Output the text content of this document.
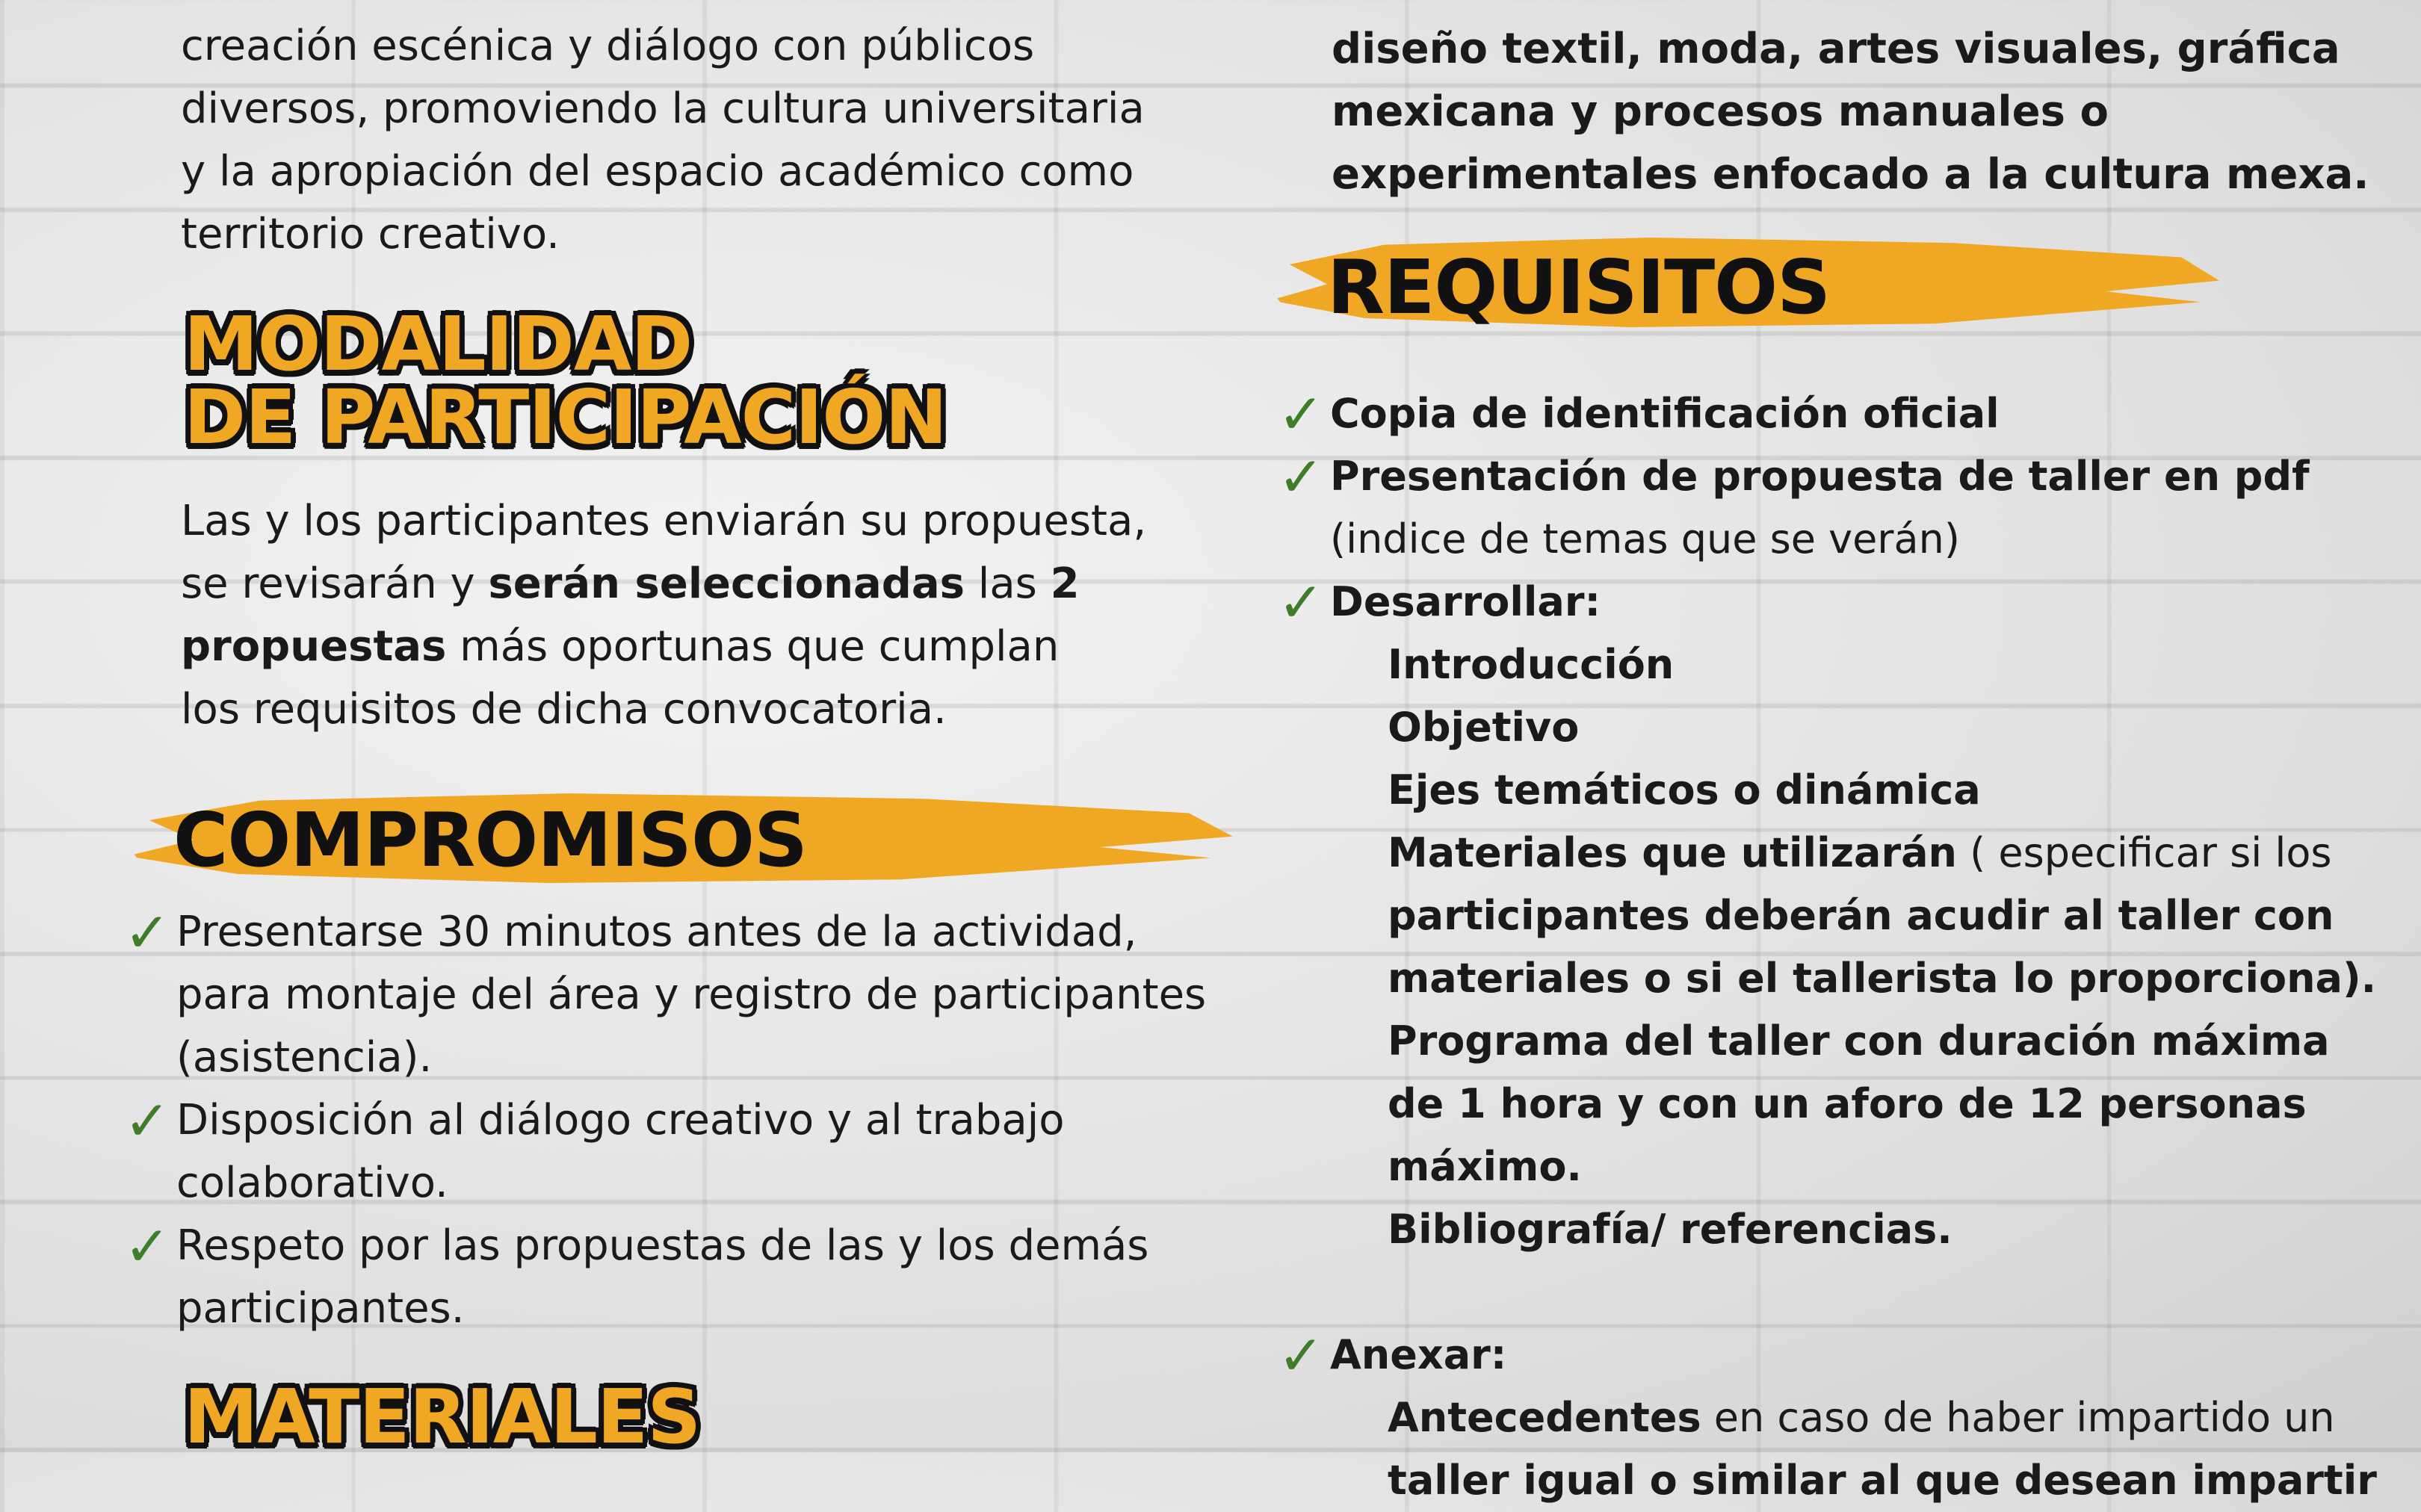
creación escénica y diálogo con públicos
diversos, promoviendo la cultura universitaria
y la apropiación del espacio académico como
territorio creativo.
MODALIDAD
DE PARTICIPACIÓN
Las y los participantes enviarán su propuesta,
se revisarán y serán seleccionadas las 2
propuestas más oportunas que cumplan
los requisitos de dicha convocatoria.
COMPROMISOS
✓ Presentarse 30 minutos antes de la actividad,
para montaje del área y registro de participantes
(asistencia).
✓ Disposición al diálogo creativo y al trabajo
colaborativo.
✓ Respeto por las propuestas de las y los demás
participantes.
MATERIALES
diseño textil, moda, artes visuales, gráfica
mexicana y procesos manuales o
experimentales enfocado a la cultura mexa.
REQUISITOS
✓ Copia de identificación oficial
✓ Presentación de propuesta de taller en pdf
(indice de temas que se verán)
✓ Desarrollar:
Introducción
Objetivo
Ejes temáticos o dinámica
Materiales que utilizarán ( especificar si los
participantes deberán acudir al taller con
materiales o si el tallerista lo proporciona).
Programa del taller con duración máxima
de 1 hora y con un aforo de 12 personas máximo.
Bibliografía/ referencias.
✓ Anexar:
Antecedentes en caso de haber impartido un
taller igual o similar al que desean impartir
